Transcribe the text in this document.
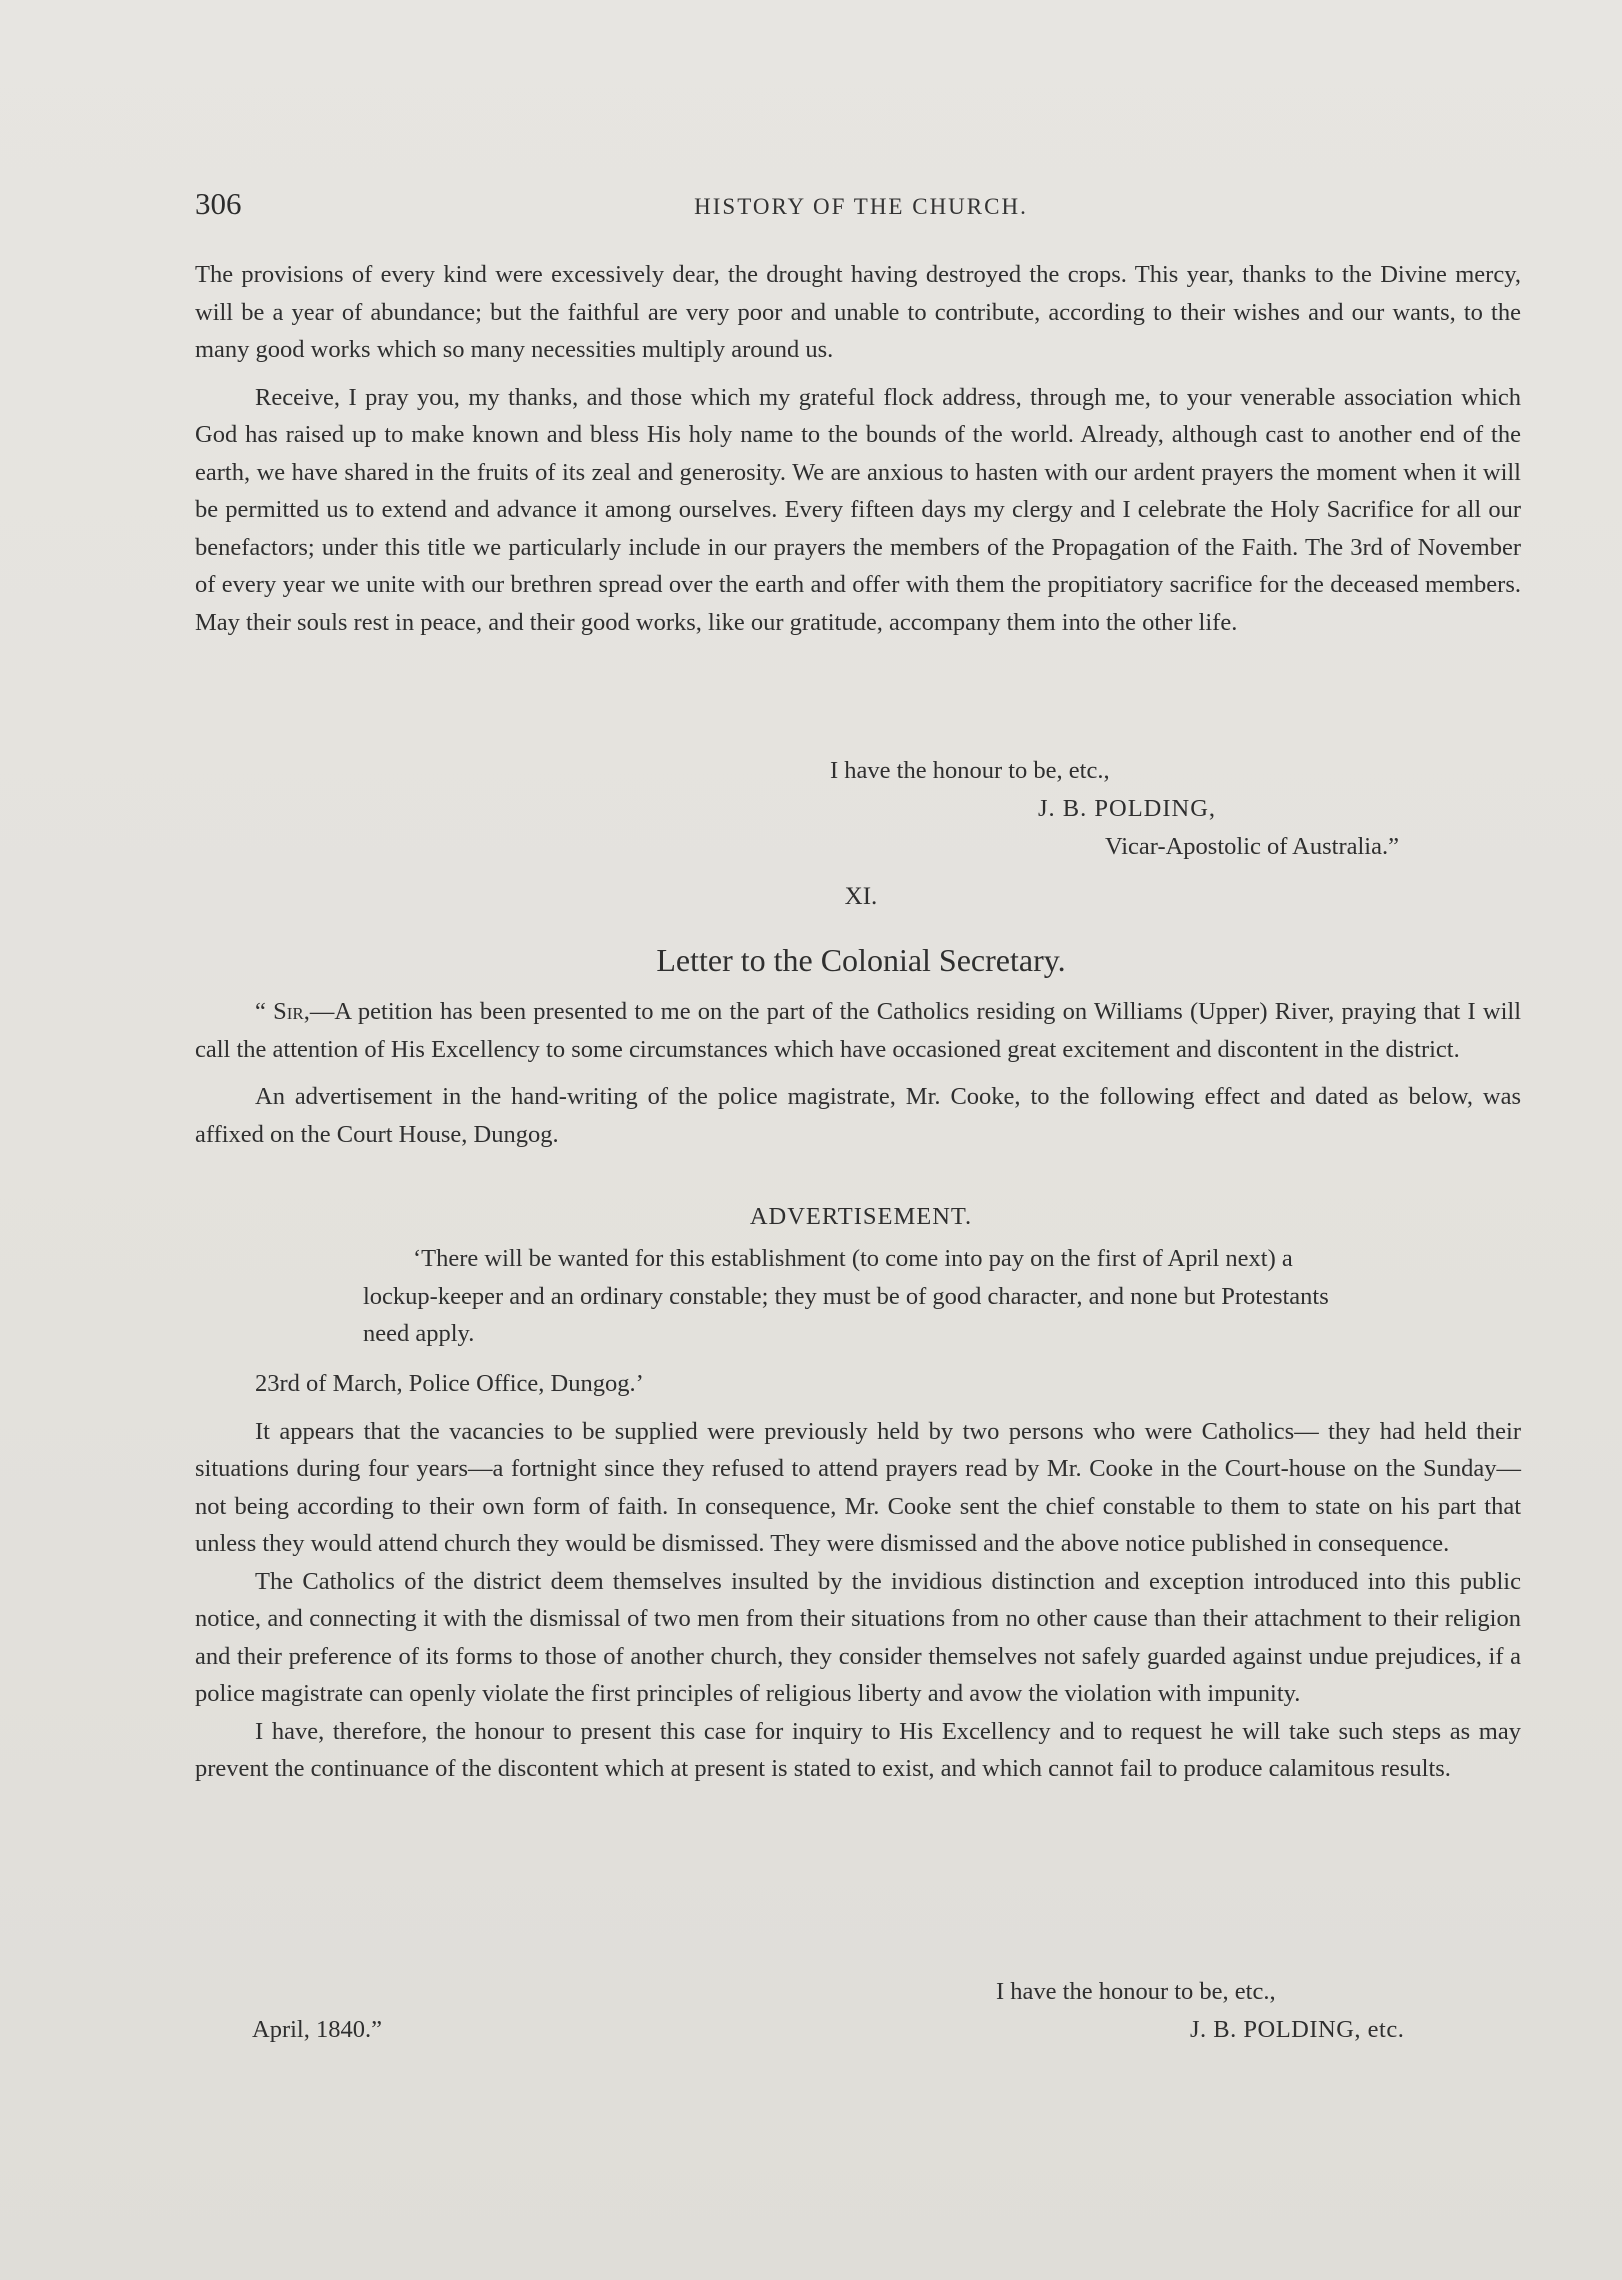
306	HISTORY OF THE CHURCH.

The provisions of every kind were excessively dear, the drought having destroyed the crops. This year, thanks to the Divine mercy, will be a year of abundance; but the faithful are very poor and unable to contribute, according to their wishes and our wants, to the many good works which so many necessities multiply around us.

Receive, I pray you, my thanks, and those which my grateful flock address, through me, to your venerable association which God has raised up to make known and bless His holy name to the bounds of the world. Already, although cast to another end of the earth, we have shared in the fruits of its zeal and generosity. We are anxious to hasten with our ardent prayers the moment when it will be permitted us to extend and advance it among ourselves. Every fifteen days my clergy and I celebrate the Holy Sacrifice for all our benefactors; under this title we particularly include in our prayers the members of the Propagation of the Faith. The 3rd of November of every year we unite with our brethren spread over the earth and offer with them the propitiatory sacrifice for the deceased members. May their souls rest in peace, and their good works, like our gratitude, accompany them into the other life.

I have the honour to be, etc.,
J. B. POLDING,
Vicar-Apostolic of Australia.”
XI.
Letter to the Colonial Secretary.

“ Sir,—A petition has been presented to me on the part of the Catholics residing on Williams (Upper) River, praying that I will call the attention of His Excellency to some circumstances which have occasioned great excitement and discontent in the district.

An advertisement in the hand-writing of the police magistrate, Mr. Cooke, to the following effect and dated as below, was affixed on the Court House, Dungog.

ADVERTISEMENT.

‘There will be wanted for this establishment (to come into pay on the first of April next) a lockup-keeper and an ordinary constable; they must be of good character, and none but Protestants need apply.

23rd of March, Police Office, Dungog.’

It appears that the vacancies to be supplied were previously held by two persons who were Catholics— they had held their situations during four years—a fortnight since they refused to attend prayers read by Mr. Cooke in the Court-house on the Sunday—not being according to their own form of faith. In consequence, Mr. Cooke sent the chief constable to them to state on his part that unless they would attend church they would be dismissed. They were dismissed and the above notice published in consequence.

The Catholics of the district deem themselves insulted by the invidious distinction and exception introduced into this public notice, and connecting it with the dismissal of two men from their situations from no other cause than their attachment to their religion and their preference of its forms to those of another church, they consider themselves not safely guarded against undue prejudices, if a police magistrate can openly violate the first principles of religious liberty and avow the violation with impunity.

I have, therefore, the honour to present this case for inquiry to His Excellency and to request he will take such steps as may prevent the continuance of the discontent which at present is stated to exist, and which cannot fail to produce calamitous results.

I have the honour to be, etc.,
April, 1840.”	J. B. POLDING, etc.
